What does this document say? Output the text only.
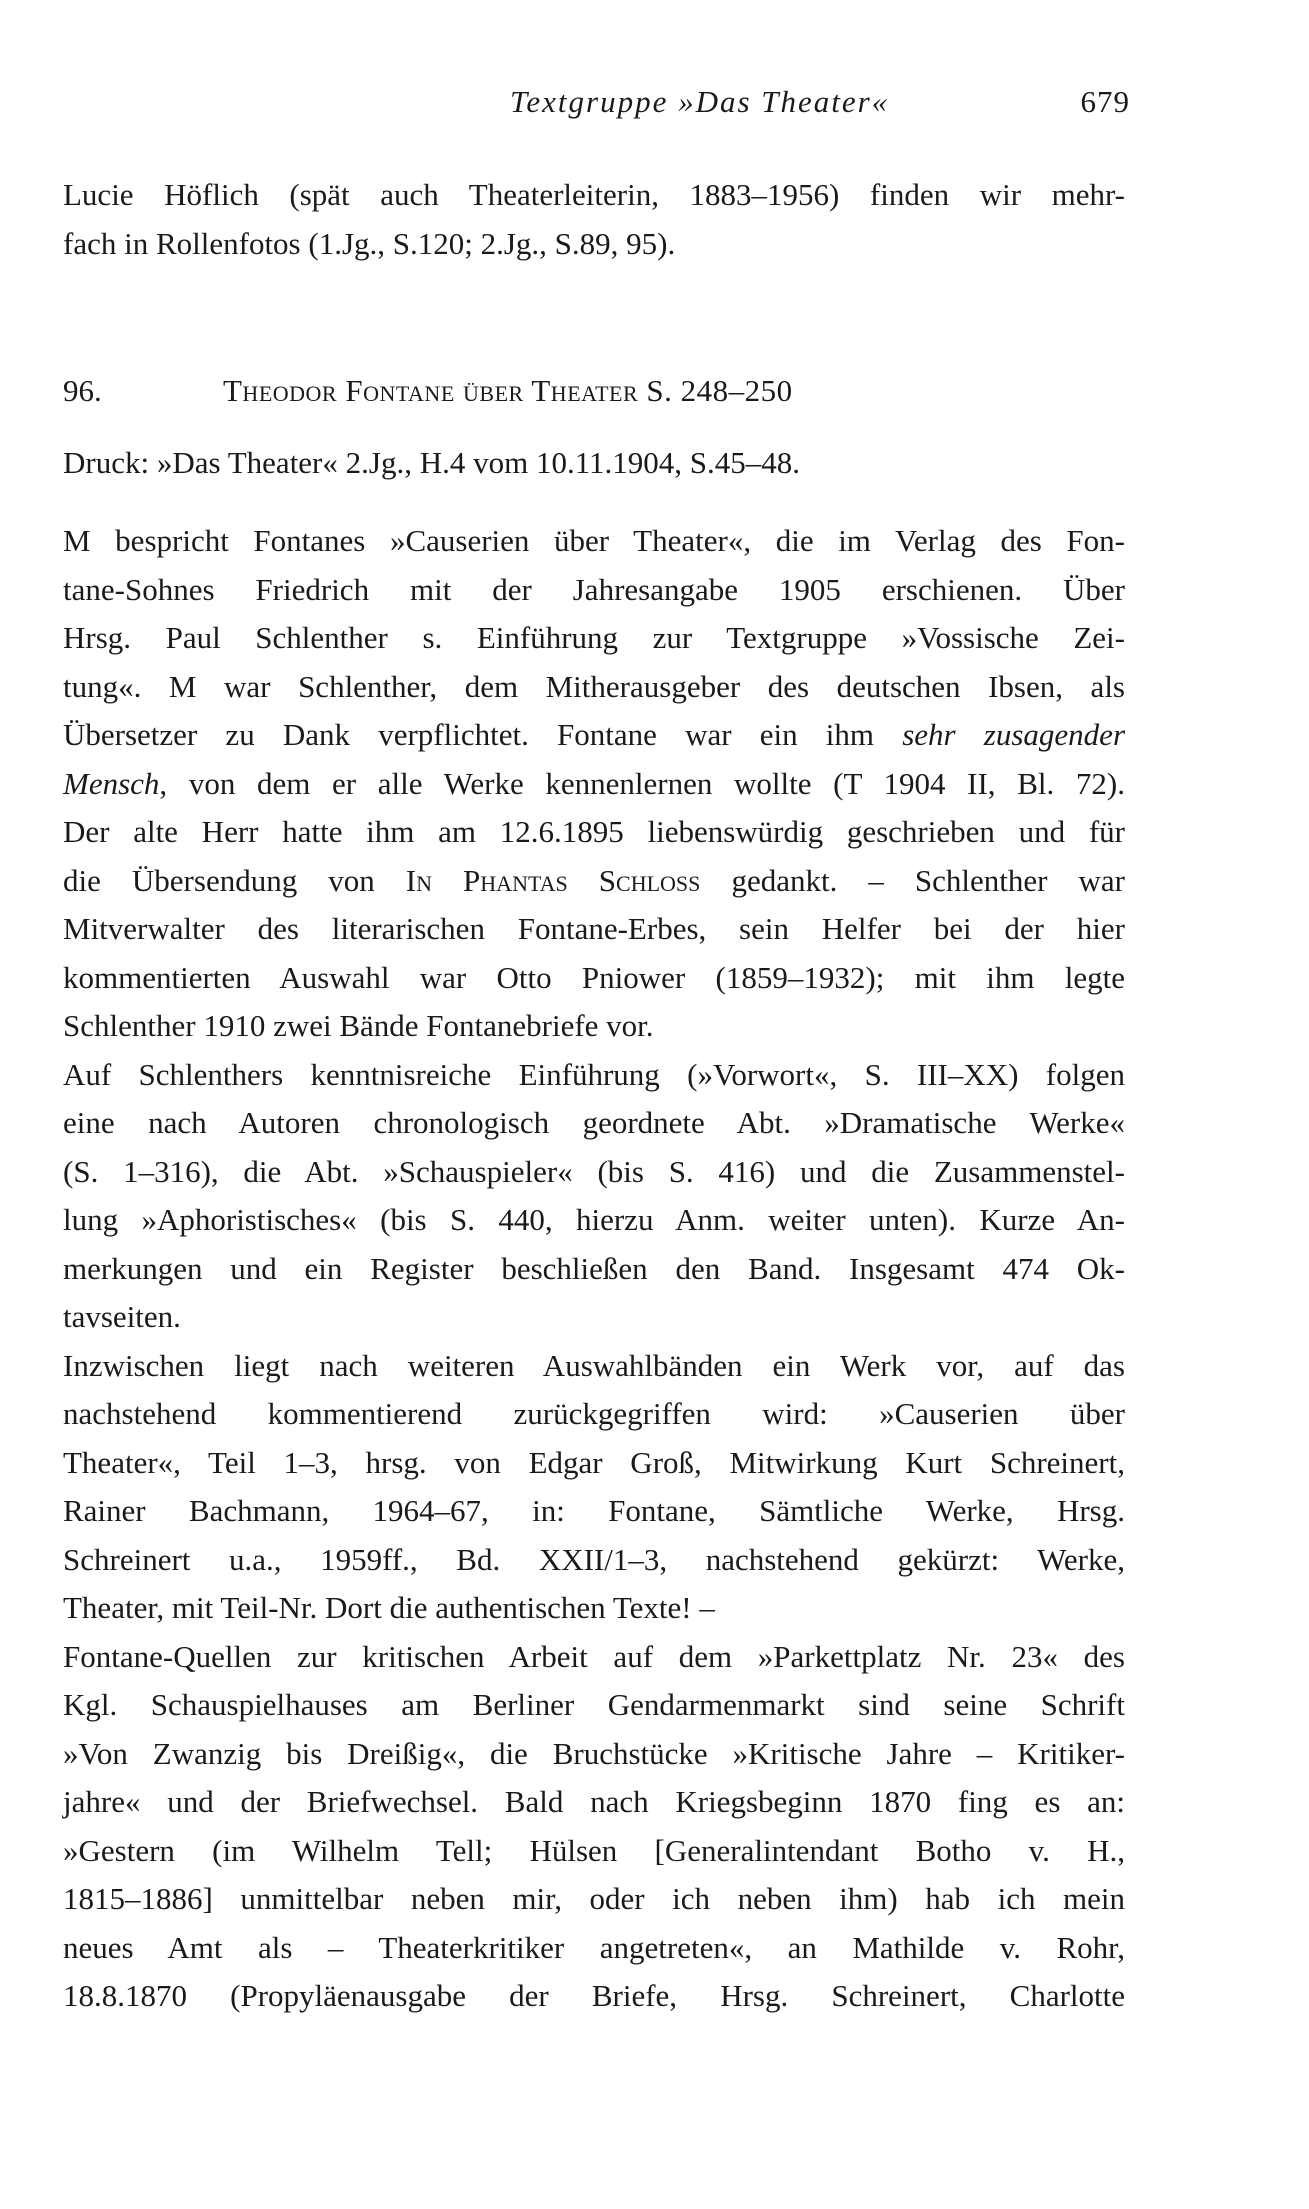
Textgruppe »Das Theater«	679
Lucie Höflich (spät auch Theaterleiterin, 1883–1956) finden wir mehr-
fach in Rollenfotos (1.Jg., S.120; 2.Jg., S.89, 95).
96.	Theodor Fontane über Theater S. 248–250
Druck: »Das Theater« 2.Jg., H.4 vom 10.11.1904, S.45–48.
M bespricht Fontanes »Causerien über Theater«, die im Verlag des Fon-
tane-Sohnes Friedrich mit der Jahresangabe 1905 erschienen. Über
Hrsg. Paul Schlenther s. Einführung zur Textgruppe »Vossische Zei-
tung«. M war Schlenther, dem Mitherausgeber des deutschen Ibsen, als
Übersetzer zu Dank verpflichtet. Fontane war ein ihm sehr zusagender
Mensch, von dem er alle Werke kennenlernen wollte (T 1904 II, Bl. 72).
Der alte Herr hatte ihm am 12.6.1895 liebenswürdig geschrieben und für
die Übersendung von In Phantas Schloss gedankt. – Schlenther war
Mitverwalter des literarischen Fontane-Erbes, sein Helfer bei der hier
kommentierten Auswahl war Otto Pniower (1859–1932); mit ihm legte
Schlenther 1910 zwei Bände Fontanebriefe vor.
Auf Schlenthers kenntnisreiche Einführung (»Vorwort«, S. III–XX) folgen
eine nach Autoren chronologisch geordnete Abt. »Dramatische Werke«
(S. 1–316), die Abt. »Schauspieler« (bis S. 416) und die Zusammenstel-
lung »Aphoristisches« (bis S. 440, hierzu Anm. weiter unten). Kurze An-
merkungen und ein Register beschließen den Band. Insgesamt 474 Ok-
tavseiten.
Inzwischen liegt nach weiteren Auswahlbänden ein Werk vor, auf das
nachstehend kommentierend zurückgegriffen wird: »Causerien über
Theater«, Teil 1–3, hrsg. von Edgar Groß, Mitwirkung Kurt Schreinert,
Rainer Bachmann, 1964–67, in: Fontane, Sämtliche Werke, Hrsg.
Schreinert u.a., 1959ff., Bd. XXII/1–3, nachstehend gekürzt: Werke,
Theater, mit Teil-Nr. Dort die authentischen Texte! –
Fontane-Quellen zur kritischen Arbeit auf dem »Parkettplatz Nr. 23« des
Kgl. Schauspielhauses am Berliner Gendarmenmarkt sind seine Schrift
»Von Zwanzig bis Dreißig«, die Bruchstücke »Kritische Jahre – Kritiker-
jahre« und der Briefwechsel. Bald nach Kriegsbeginn 1870 fing es an:
»Gestern (im Wilhelm Tell; Hülsen [Generalintendant Botho v. H.,
1815–1886] unmittelbar neben mir, oder ich neben ihm) hab ich mein
neues Amt als – Theaterkritiker angetreten«, an Mathilde v. Rohr,
18.8.1870 (Propyläenausgabe der Briefe, Hrsg. Schreinert, Charlotte
